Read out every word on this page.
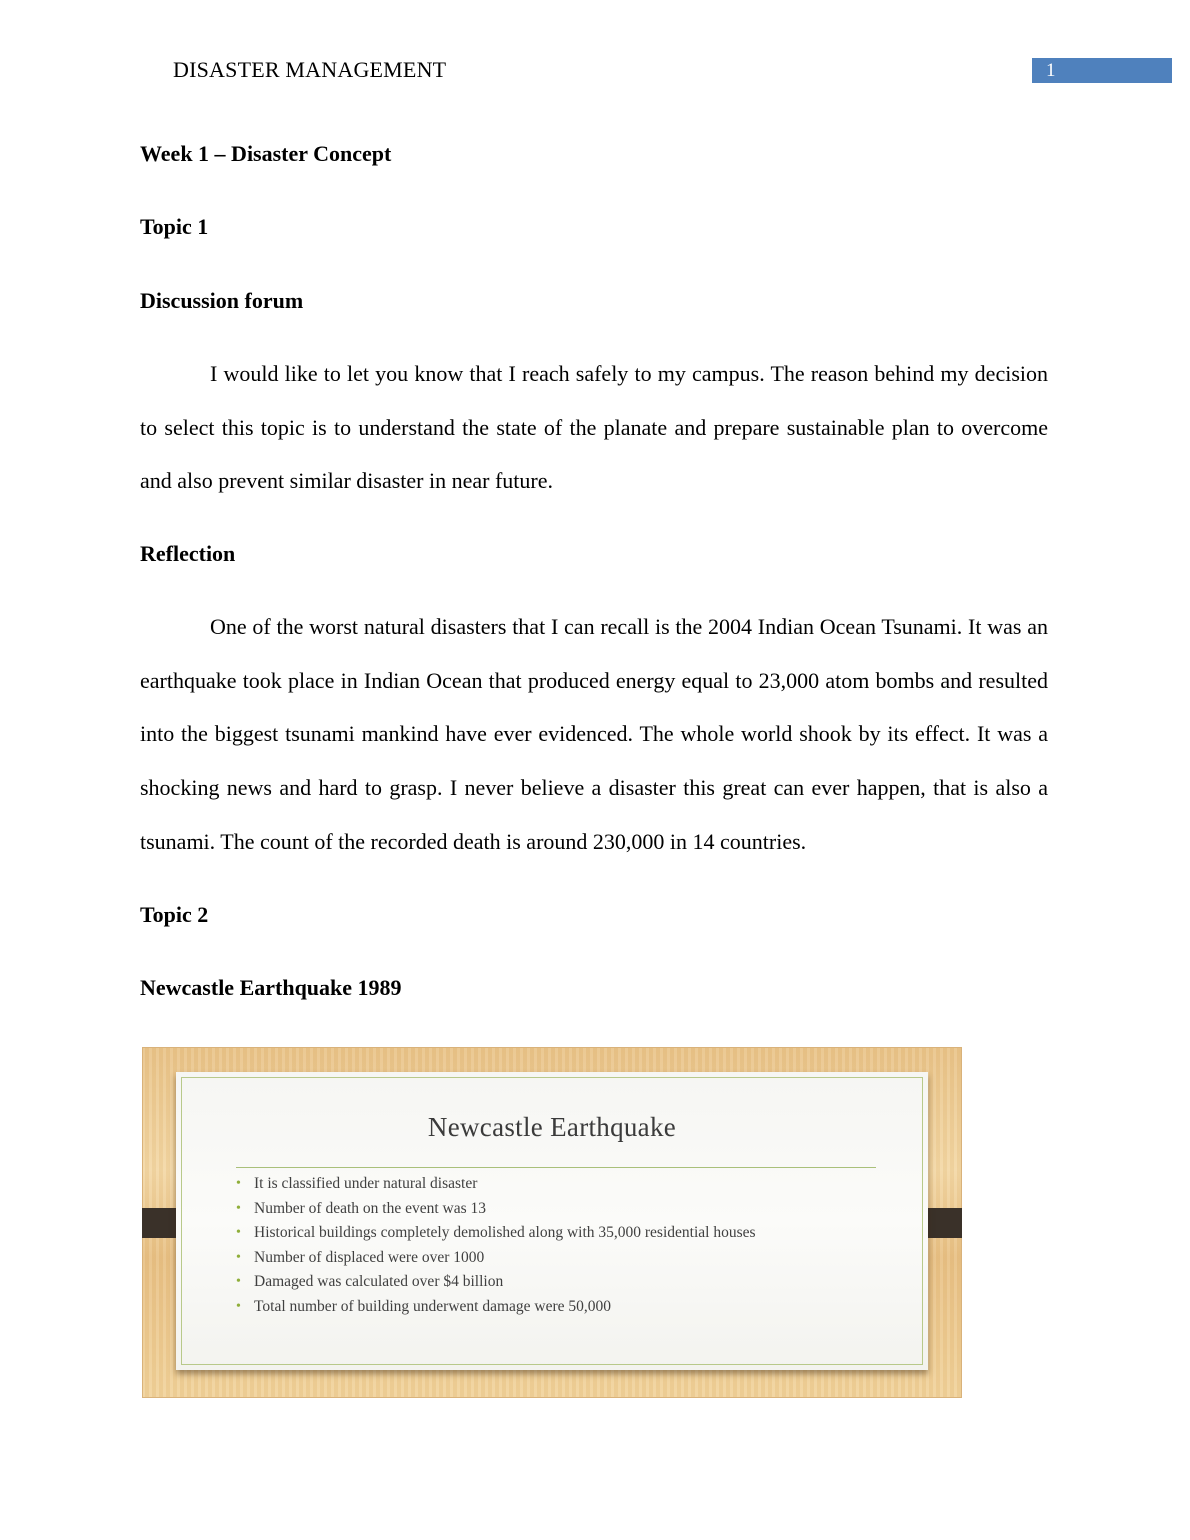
DISASTER MANAGEMENT	1
Week 1 – Disaster Concept
Topic 1
Discussion forum

I would like to let you know that I reach safely to my campus. The reason behind my decision to select this topic is to understand the state of the planate and prepare sustainable plan to overcome and also prevent similar disaster in near future.

Reflection

One of the worst natural disasters that I can recall is the 2004 Indian Ocean Tsunami. It was an earthquake took place in Indian Ocean that produced energy equal to 23,000 atom bombs and resulted into the biggest tsunami mankind have ever evidenced. The whole world shook by its effect. It was a shocking news and hard to grasp. I never believe a disaster this great can ever happen, that is also a tsunami. The count of the recorded death is around 230,000 in 14 countries.

Topic 2
Newcastle Earthquake 1989
Newcastle Earthquake
• It is classified under natural disaster
• Number of death on the event was 13
• Historical buildings completely demolished along with 35,000 residential houses
• Number of displaced were over 1000
• Damaged was calculated over $4 billion
• Total number of building underwent damage were 50,000
